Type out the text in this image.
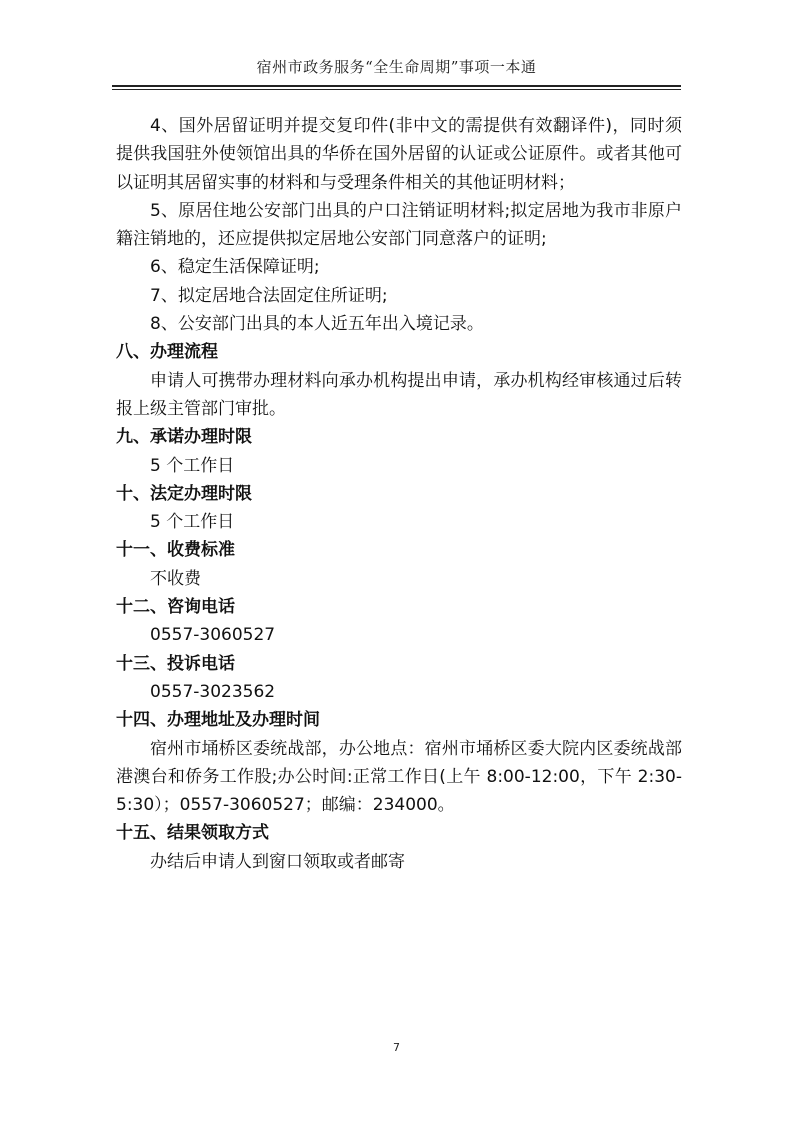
宿州市政务服务“全生命周期”事项一本通

4、国外居留证明并提交复印件(非中文的需提供有效翻译件)，同时须提供我国驻外使领馆出具的华侨在国外居留的认证或公证原件。或者其他可以证明其居留实事的材料和与受理条件相关的其他证明材料；

5、原居住地公安部门出具的户口注销证明材料;拟定居地为我市非原户籍注销地的，还应提供拟定居地公安部门同意落户的证明;

6、稳定生活保障证明;

7、拟定居地合法固定住所证明;

8、公安部门出具的本人近五年出入境记录。

八、办理流程

申请人可携带办理材料向承办机构提出申请，承办机构经审核通过后转报上级主管部门审批。

九、承诺办理时限

5 个工作日

十、法定办理时限

5 个工作日

十一、收费标准

不收费

十二、咨询电话

0557-3060527

十三、投诉电话

0557-3023562

十四、办理地址及办理时间

宿州市埇桥区委统战部，办公地点：宿州市埇桥区委大院内区委统战部港澳台和侨务工作股;办公时间:正常工作日(上午 8:00-12:00，下午 2:30-5:30）；0557-3060527；邮编：234000。

十五、结果领取方式

办结后申请人到窗口领取或者邮寄

7
